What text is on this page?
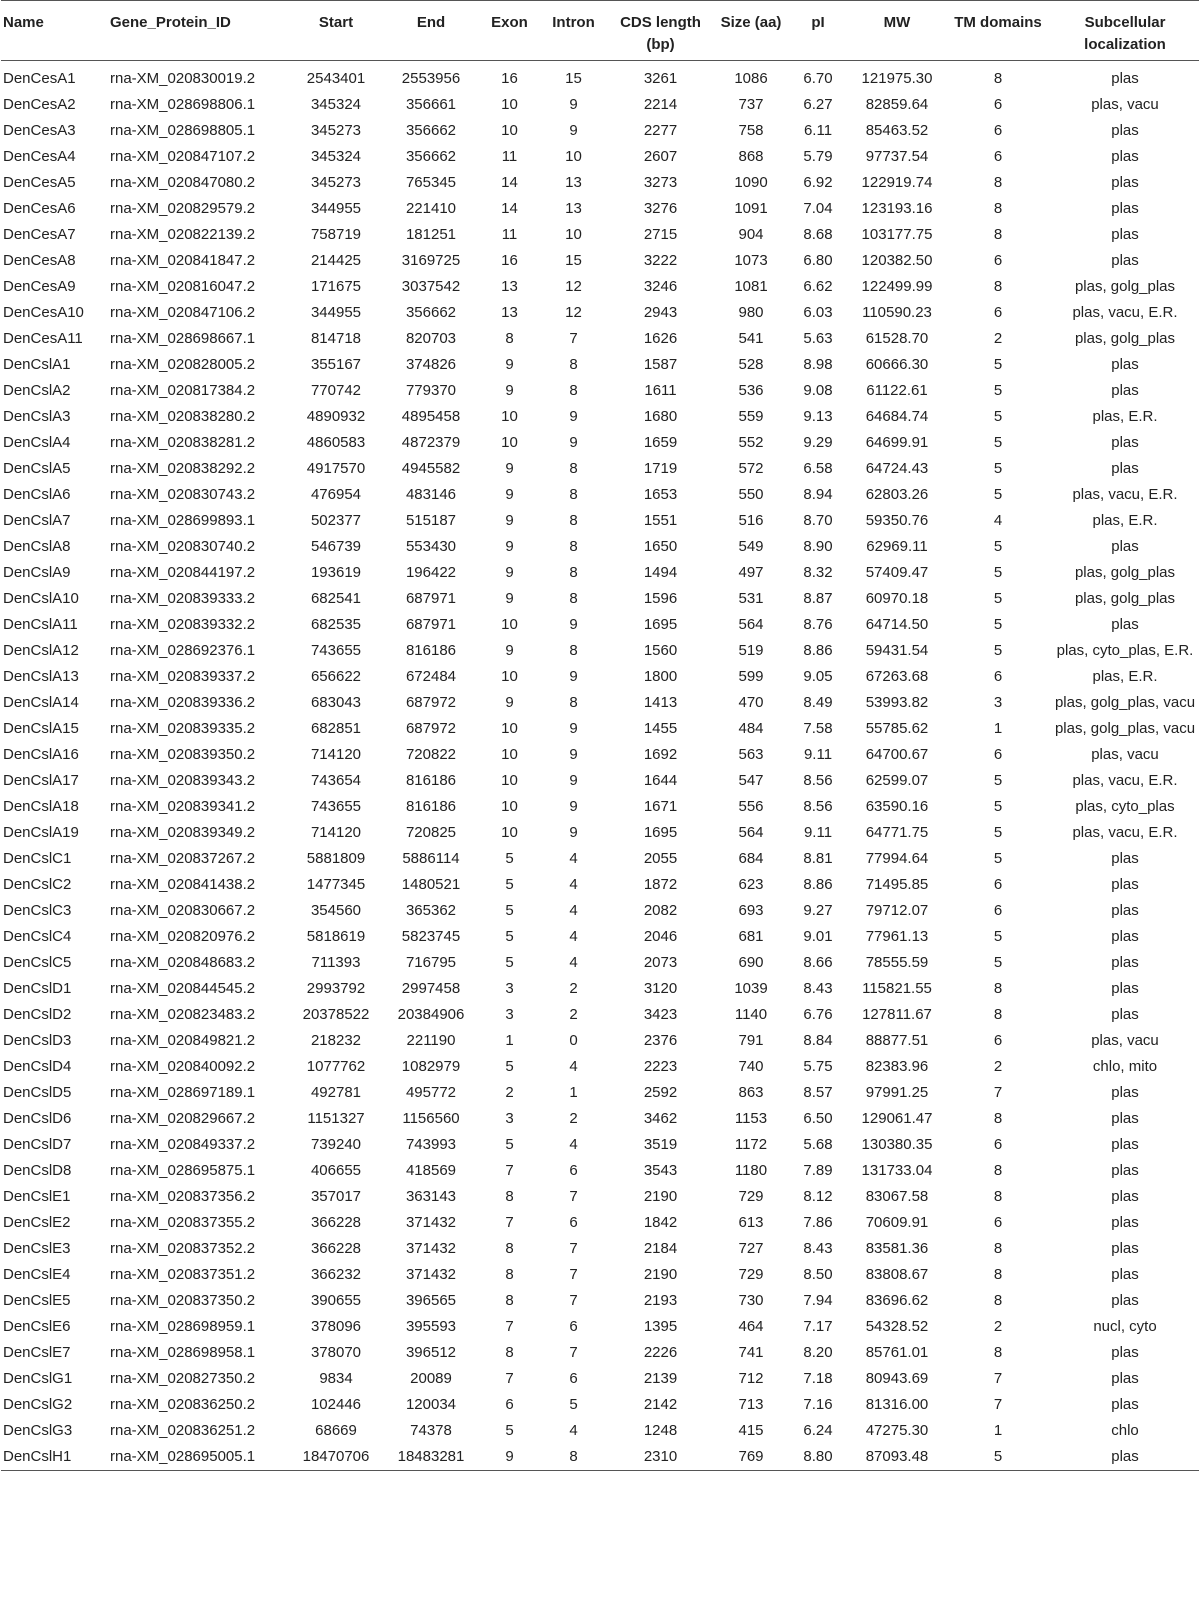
Name	Gene_Protein_ID	Start	End	Exon	Intron	CDS length (bp)	Size (aa)	pI	MW	TM domains	Subcellular localization
DenCesA1	rna-XM_020830019.2	2543401	2553956	16	15	3261	1086	6.70	121975.30	8	plas
DenCesA2	rna-XM_028698806.1	345324	356661	10	9	2214	737	6.27	82859.64	6	plas, vacu
DenCesA3	rna-XM_028698805.1	345273	356662	10	9	2277	758	6.11	85463.52	6	plas
DenCesA4	rna-XM_020847107.2	345324	356662	11	10	2607	868	5.79	97737.54	6	plas
DenCesA5	rna-XM_020847080.2	345273	765345	14	13	3273	1090	6.92	122919.74	8	plas
DenCesA6	rna-XM_020829579.2	344955	221410	14	13	3276	1091	7.04	123193.16	8	plas
DenCesA7	rna-XM_020822139.2	758719	181251	11	10	2715	904	8.68	103177.75	8	plas
DenCesA8	rna-XM_020841847.2	214425	3169725	16	15	3222	1073	6.80	120382.50	6	plas
DenCesA9	rna-XM_020816047.2	171675	3037542	13	12	3246	1081	6.62	122499.99	8	plas, golg_plas
DenCesA10	rna-XM_020847106.2	344955	356662	13	12	2943	980	6.03	110590.23	6	plas, vacu, E.R.
DenCesA11	rna-XM_028698667.1	814718	820703	8	7	1626	541	5.63	61528.70	2	plas, golg_plas
DenCslA1	rna-XM_020828005.2	355167	374826	9	8	1587	528	8.98	60666.30	5	plas
DenCslA2	rna-XM_020817384.2	770742	779370	9	8	1611	536	9.08	61122.61	5	plas
DenCslA3	rna-XM_020838280.2	4890932	4895458	10	9	1680	559	9.13	64684.74	5	plas, E.R.
DenCslA4	rna-XM_020838281.2	4860583	4872379	10	9	1659	552	9.29	64699.91	5	plas
DenCslA5	rna-XM_020838292.2	4917570	4945582	9	8	1719	572	6.58	64724.43	5	plas
DenCslA6	rna-XM_020830743.2	476954	483146	9	8	1653	550	8.94	62803.26	5	plas, vacu, E.R.
DenCslA7	rna-XM_028699893.1	502377	515187	9	8	1551	516	8.70	59350.76	4	plas, E.R.
DenCslA8	rna-XM_020830740.2	546739	553430	9	8	1650	549	8.90	62969.11	5	plas
DenCslA9	rna-XM_020844197.2	193619	196422	9	8	1494	497	8.32	57409.47	5	plas, golg_plas
DenCslA10	rna-XM_020839333.2	682541	687971	9	8	1596	531	8.87	60970.18	5	plas, golg_plas
DenCslA11	rna-XM_020839332.2	682535	687971	10	9	1695	564	8.76	64714.50	5	plas
DenCslA12	rna-XM_028692376.1	743655	816186	9	8	1560	519	8.86	59431.54	5	plas, cyto_plas, E.R.
DenCslA13	rna-XM_020839337.2	656622	672484	10	9	1800	599	9.05	67263.68	6	plas, E.R.
DenCslA14	rna-XM_020839336.2	683043	687972	9	8	1413	470	8.49	53993.82	3	plas, golg_plas, vacu
DenCslA15	rna-XM_020839335.2	682851	687972	10	9	1455	484	7.58	55785.62	1	plas, golg_plas, vacu
DenCslA16	rna-XM_020839350.2	714120	720822	10	9	1692	563	9.11	64700.67	6	plas, vacu
DenCslA17	rna-XM_020839343.2	743654	816186	10	9	1644	547	8.56	62599.07	5	plas, vacu, E.R.
DenCslA18	rna-XM_020839341.2	743655	816186	10	9	1671	556	8.56	63590.16	5	plas, cyto_plas
DenCslA19	rna-XM_020839349.2	714120	720825	10	9	1695	564	9.11	64771.75	5	plas, vacu, E.R.
DenCslC1	rna-XM_020837267.2	5881809	5886114	5	4	2055	684	8.81	77994.64	5	plas
DenCslC2	rna-XM_020841438.2	1477345	1480521	5	4	1872	623	8.86	71495.85	6	plas
DenCslC3	rna-XM_020830667.2	354560	365362	5	4	2082	693	9.27	79712.07	6	plas
DenCslC4	rna-XM_020820976.2	5818619	5823745	5	4	2046	681	9.01	77961.13	5	plas
DenCslC5	rna-XM_020848683.2	711393	716795	5	4	2073	690	8.66	78555.59	5	plas
DenCslD1	rna-XM_020844545.2	2993792	2997458	3	2	3120	1039	8.43	115821.55	8	plas
DenCslD2	rna-XM_020823483.2	20378522	20384906	3	2	3423	1140	6.76	127811.67	8	plas
DenCslD3	rna-XM_020849821.2	218232	221190	1	0	2376	791	8.84	88877.51	6	plas, vacu
DenCslD4	rna-XM_020840092.2	1077762	1082979	5	4	2223	740	5.75	82383.96	2	chlo, mito
DenCslD5	rna-XM_028697189.1	492781	495772	2	1	2592	863	8.57	97991.25	7	plas
DenCslD6	rna-XM_020829667.2	1151327	1156560	3	2	3462	1153	6.50	129061.47	8	plas
DenCslD7	rna-XM_020849337.2	739240	743993	5	4	3519	1172	5.68	130380.35	6	plas
DenCslD8	rna-XM_028695875.1	406655	418569	7	6	3543	1180	7.89	131733.04	8	plas
DenCslE1	rna-XM_020837356.2	357017	363143	8	7	2190	729	8.12	83067.58	8	plas
DenCslE2	rna-XM_020837355.2	366228	371432	7	6	1842	613	7.86	70609.91	6	plas
DenCslE3	rna-XM_020837352.2	366228	371432	8	7	2184	727	8.43	83581.36	8	plas
DenCslE4	rna-XM_020837351.2	366232	371432	8	7	2190	729	8.50	83808.67	8	plas
DenCslE5	rna-XM_020837350.2	390655	396565	8	7	2193	730	7.94	83696.62	8	plas
DenCslE6	rna-XM_028698959.1	378096	395593	7	6	1395	464	7.17	54328.52	2	nucl, cyto
DenCslE7	rna-XM_028698958.1	378070	396512	8	7	2226	741	8.20	85761.01	8	plas
DenCslG1	rna-XM_020827350.2	9834	20089	7	6	2139	712	7.18	80943.69	7	plas
DenCslG2	rna-XM_020836250.2	102446	120034	6	5	2142	713	7.16	81316.00	7	plas
DenCslG3	rna-XM_020836251.2	68669	74378	5	4	1248	415	6.24	47275.30	1	chlo
DenCslH1	rna-XM_028695005.1	18470706	18483281	9	8	2310	769	8.80	87093.48	5	plas
